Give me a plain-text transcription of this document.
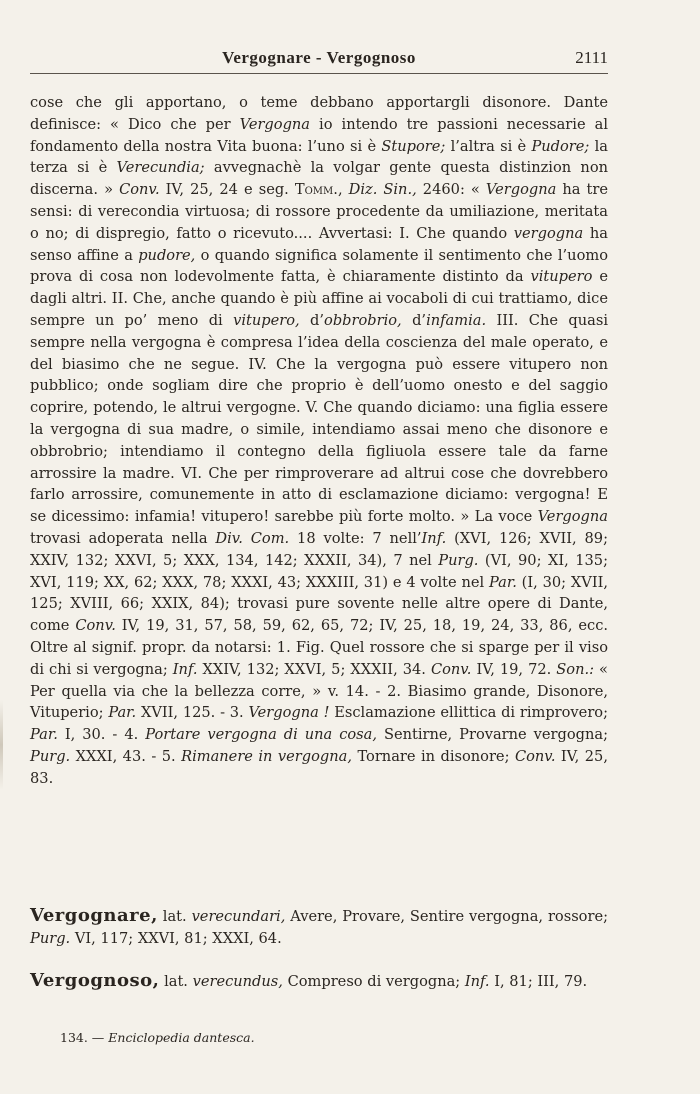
Vergognare - Vergognoso	2111
cose che gli apportano, o teme debbano apportargli disonore. Dante definisce: « Dico che per Vergogna io intendo tre passioni necessarie al fondamento della nostra Vita buona: l’uno si è Stupore; l’altra si è Pudore; la terza si è Verecundia; avvegnachè la volgar gente questa distinzion non discerna. » Conv. IV, 25, 24 e seg. Tomm., Diz. Sin., 2460: « Vergogna ha tre sensi: di verecondia virtuosa; di rossore procedente da umiliazione, meritata o no; di dispregio, fatto o ricevuto.... Avvertasi: I. Che quando vergogna ha senso affine a pudore, o quando significa solamente il sentimento che l’uomo prova di cosa non lodevolmente fatta, è chiaramente distinto da vitupero e dagli altri. II. Che, anche quando è più affine ai vocaboli di cui trattiamo, dice sempre un po’ meno di vitupero, d’obbrobrio, d’infamia. III. Che quasi sempre nella vergogna è compresa l’idea della coscienza del male operato, e del biasimo che ne segue. IV. Che la vergogna può essere vitupero non pubblico; onde sogliam dire che proprio è dell’uomo onesto e del saggio coprire, potendo, le altrui vergogne. V. Che quando diciamo: una figlia essere la vergogna di sua madre, o simile, intendiamo assai meno che disonore e obbrobrio; intendiamo il contegno della figliuola essere tale da farne arrossire la madre. VI. Che per rimproverare ad altrui cose che dovrebbero farlo arrossire, comunemente in atto di esclamazione diciamo: vergogna! E se dicessimo: infamia! vitupero! sarebbe più forte molto. » La voce Vergogna trovasi adoperata nella Div. Com. 18 volte: 7 nell’Inf. (XVI, 126; XVII, 89; XXIV, 132; XXVI, 5; XXX, 134, 142; XXXII, 34), 7 nel Purg. (VI, 90; XI, 135; XVI, 119; XX, 62; XXX, 78; XXXI, 43; XXXIII, 31) e 4 volte nel Par. (I, 30; XVII, 125; XVIII, 66; XXIX, 84); trovasi pure sovente nelle altre opere di Dante, come Conv. IV, 19, 31, 57, 58, 59, 62, 65, 72; IV, 25, 18, 19, 24, 33, 86, ecc. Oltre al signif. propr. da notarsi: 1. Fig. Quel rossore che si sparge per il viso di chi si vergogna; Inf. XXIV, 132; XXVI, 5; XXXII, 34. Conv. IV, 19, 72. Son.: « Per quella via che la bellezza corre, » v. 14. - 2. Biasimo grande, Disonore, Vituperio; Par. XVII, 125. - 3. Vergogna ! Esclamazione ellittica di rimprovero; Par. I, 30. - 4. Portare vergogna di una cosa, Sentirne, Provarne vergogna; Purg. XXXI, 43. - 5. Rimanere in vergogna, Tornare in disonore; Conv. IV, 25, 83.
Vergognare, lat. verecundari, Avere, Provare, Sentire vergogna, rossore; Purg. VI, 117; XXVI, 81; XXXI, 64.
Vergognoso, lat. verecundus, Compreso di vergogna; Inf. I, 81; III, 79.
134. — Enciclopedia dantesca.
